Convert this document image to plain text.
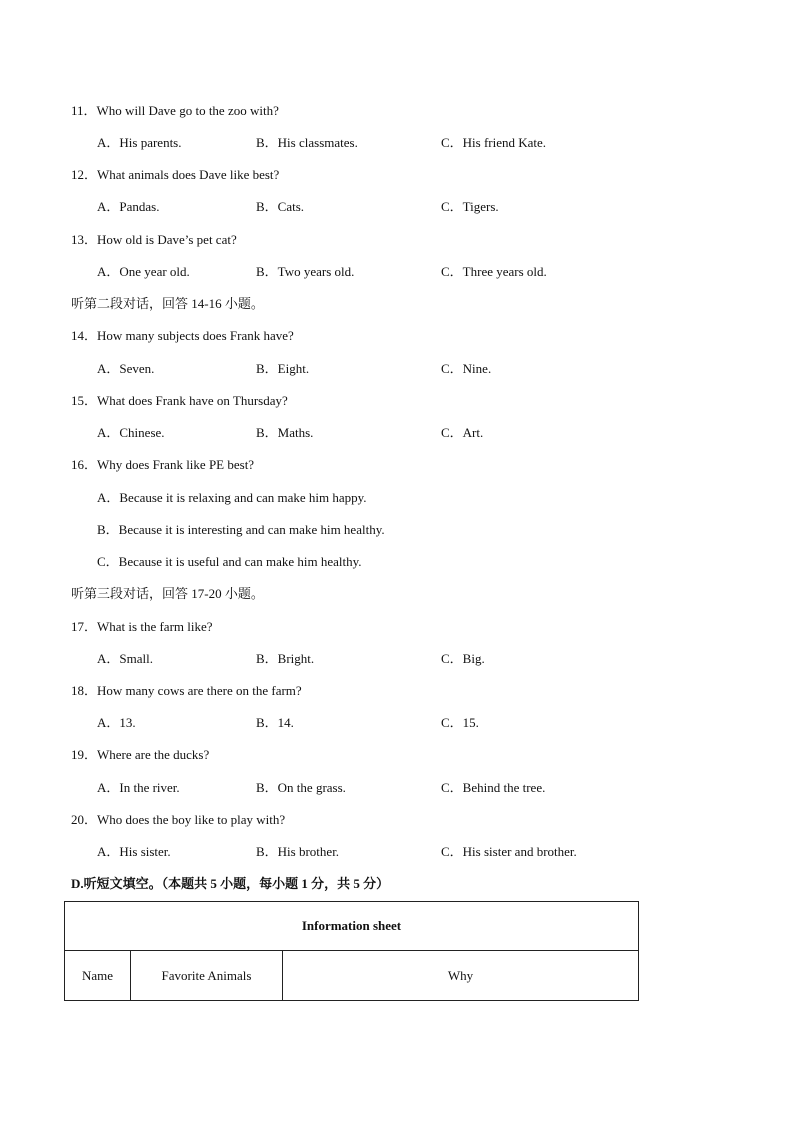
11．Who will Dave go to the zoo with?
A．His parents.	B．His classmates.	C．His friend Kate.
12．What animals does Dave like best?
A．Pandas.	B．Cats.	C．Tigers.
13．How old is Dave’s pet cat?
A．One year old.	B．Two years old.	C．Three years old.
听第二段对话，回答 14-16 小题。
14．How many subjects does Frank have?
A．Seven.	B．Eight.	C．Nine.
15．What does Frank have on Thursday?
A．Chinese.	B．Maths.	C．Art.
16．Why does Frank like PE best?
A．Because it is relaxing and can make him happy.
B．Because it is interesting and can make him healthy.
C．Because it is useful and can make him healthy.
听第三段对话，回答 17-20 小题。
17．What is the farm like?
A．Small.	B．Bright.	C．Big.
18．How many cows are there on the farm?
A．13.	B．14.	C．15.
19．Where are the ducks?
A．In the river.	B．On the grass.	C．Behind the tree.
20．Who does the boy like to play with?
A．His sister.	B．His brother.	C．His sister and brother.
D.听短文填空。（本题共 5 小题，每小题 1 分，共 5 分）
Information sheet
Name	Favorite Animals	Why
